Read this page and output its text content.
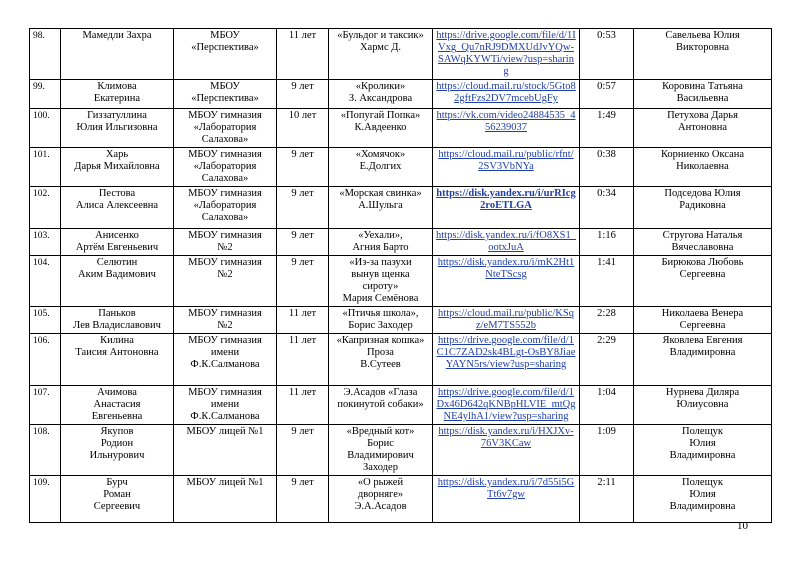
98.	Мамедли Захра	МБОУ
«Перспектива»	11 лет	«Бульдог и таксик»
Хармс Д.	https://drive.google.com/file/d/1IVxg_Qu7nRJ9DMXUdJvYQw-SAWqKYWTi/view?usp=sharing	0:53	Савельева Юлия
Викторовна

99.	Климова
Екатерина	МБОУ
«Перспектива»	9 лет	«Кролики»
З. Аксандрова	https://cloud.mail.ru/stock/5Gto82gftFzs2DV7mcebUgFy	0:57	Коровина Татьяна
Васильевна

100.	Гиззатуллина
Юлия Ильгизовна	МБОУ гимназия
«Лаборатория
Салахова»	10 лет	«Попугай Попка»
К.Авдеенко	https://vk.com/video24884535_456239037	1:49	Петухова Дарья
Антоновна

101.	Харь
Дарья Михайловна	МБОУ гимназия
«Лаборатория
Салахова»	9 лет	«Хомячок»
Е.Долгих	https://cloud.mail.ru/public/rfnt/2SV3VbNYa	0:38	Корниенко Оксана
Николаевна

102.	Пестова
Алиса Алексеевна	МБОУ гимназия
«Лаборатория
Салахова»	9 лет	«Морская свинка»
А.Шульга	https://disk.yandex.ru/i/urRIcg2roETLGA	0:34	Подседова Юлия
Радиковна

103.	Анисенко
Артём Евгеньевич	МБОУ гимназия
№2	9 лет	«Уехали»,
Агния Барто	https://disk.yandex.ru/i/fO8XS1_ootxJuA	1:16	Стругова Наталья
Вячеславовна

104.	Селютин
Аким Вадимович	МБОУ гимназия
№2	9 лет	«Из-за пазухи
вынув щенка
сироту»
Мария Семёнова	https://disk.yandex.ru/i/mK2Ht1NteTScsg	1:41	Бирюкова Любовь
Сергеевна

105.	Паньков
Лев Владиславович	МБОУ гимназия
№2	11 лет	«Птичья школа»,
Борис Заходер	https://cloud.mail.ru/public/KSqz/eM7TS552b	2:28	Николаева Венера
Сергеевна

106.	Килина
Таисия Антоновна	МБОУ гимназия
имени
Ф.К.Салманова	11 лет	«Капризная кошка»
Проза
В.Сутеев	https://drive.google.com/file/d/1C1C7ZAD2sk4BLgt-OsBY8JiaeYAYN5rs/view?usp=sharing	2:29	Яковлева Евгения
Владимировна

107.	Ачимова
Анастасия
Евгеньевна	МБОУ гимназия
имени
Ф.К.Салманова	11 лет	Э.Асадов «Глаза
покинутой собаки»	https://drive.google.com/file/d/1Dx46D642qKNBpHLVIE_mtQgNE4ylhA1/view?usp=sharing	1:04	Нурнева Диляра
Юлиусовна

108.	Якупов
Родион
Ильнурович	МБОУ лицей №1	9 лет	«Вредный кот»
Борис
Владимирович
Заходер	https://disk.yandex.ru/i/HXJXv-76V3KCaw	1:09	Полещук
Юлия
Владимировна

109.	Бурч
Роман
Сергеевич	МБОУ лицей №1	9 лет	«О рыжей
дворняге»
Э.А.Асадов	https://disk.yandex.ru/i/7d55i5GTt6v7gw	2:11	Полещук
Юлия
Владимировна
10
